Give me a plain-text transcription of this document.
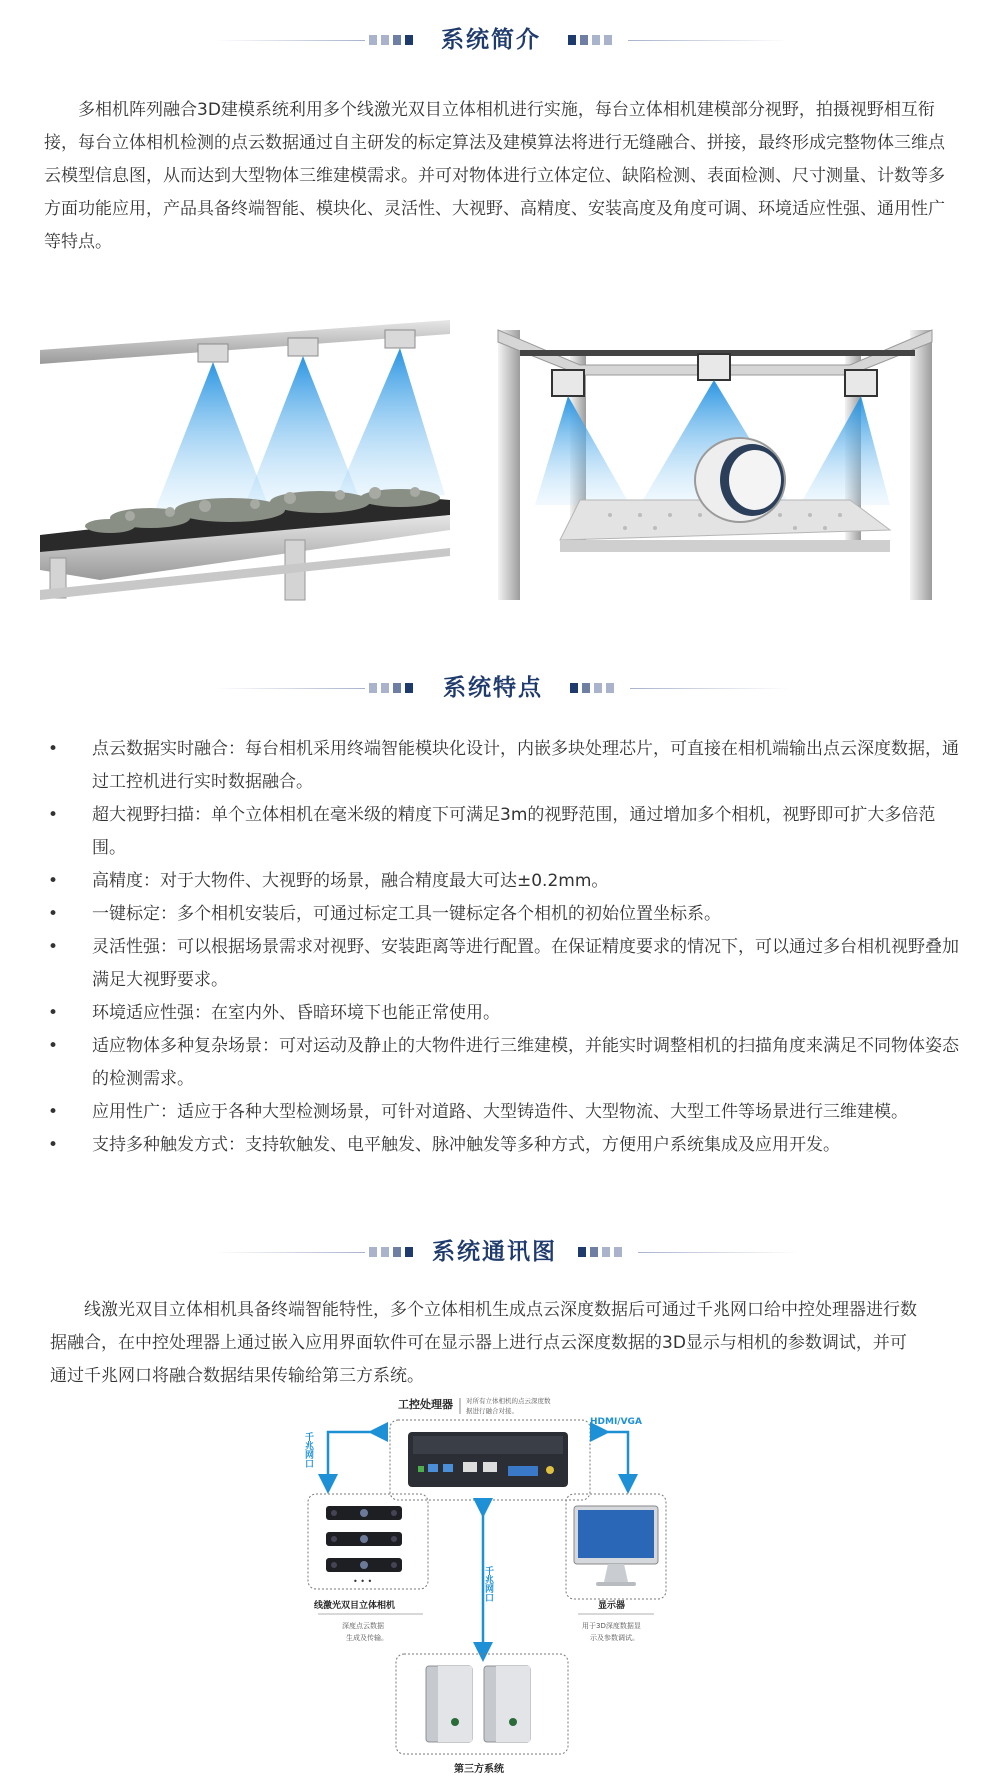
系统简介
多相机阵列融合3D建模系统利用多个线激光双目立体相机进行实施，每台立体相机建模部分视野，拍摄视野相互衔接，每台立体相机检测的点云数据通过自主研发的标定算法及建模算法将进行无缝融合、拼接，最终形成完整物体三维点云模型信息图，从而达到大型物体三维建模需求。并可对物体进行立体定位、缺陷检测、表面检测、尺寸测量、计数等多方面功能应用，产品具备终端智能、模块化、灵活性、大视野、高精度、安装高度及角度可调、环境适应性强、通用性广等特点。
系统特点
• 点云数据实时融合：每台相机采用终端智能模块化设计，内嵌多块处理芯片，可直接在相机端输出点云深度数据，通过工控机进行实时数据融合。
• 超大视野扫描：单个立体相机在毫米级的精度下可满足3m的视野范围，通过增加多个相机，视野即可扩大多倍范围。
• 高精度：对于大物件、大视野的场景，融合精度最大可达±0.2mm。
• 一键标定：多个相机安装后，可通过标定工具一键标定各个相机的初始位置坐标系。
• 灵活性强：可以根据场景需求对视野、安装距离等进行配置。在保证精度要求的情况下，可以通过多台相机视野叠加满足大视野要求。
• 环境适应性强：在室内外、昏暗环境下也能正常使用。
• 适应物体多种复杂场景：可对运动及静止的大物件进行三维建模，并能实时调整相机的扫描角度来满足不同物体姿态的检测需求。
• 应用性广：适应于各种大型检测场景，可针对道路、大型铸造件、大型物流、大型工件等场景进行三维建模。
• 支持多种触发方式：支持软触发、电平触发、脉冲触发等多种方式，方便用户系统集成及应用开发。
系统通讯图
线激光双目立体相机具备终端智能特性，多个立体相机生成点云深度数据后可通过千兆网口给中控处理器进行数据融合，在中控处理器上通过嵌入应用界面软件可在显示器上进行点云深度数据的3D显示与相机的参数调试，并可通过千兆网口将融合数据结果传输给第三方系统。
工控处理器 对所有立体相机的点云深度数
据进行融合对接。
千兆网口
HDMI/VGA
千兆网口
• • •
线激光双目立体相机
深度点云数据
生成及传输。
显示器
用于3D深度数据显
示及参数调试。
第三方系统
